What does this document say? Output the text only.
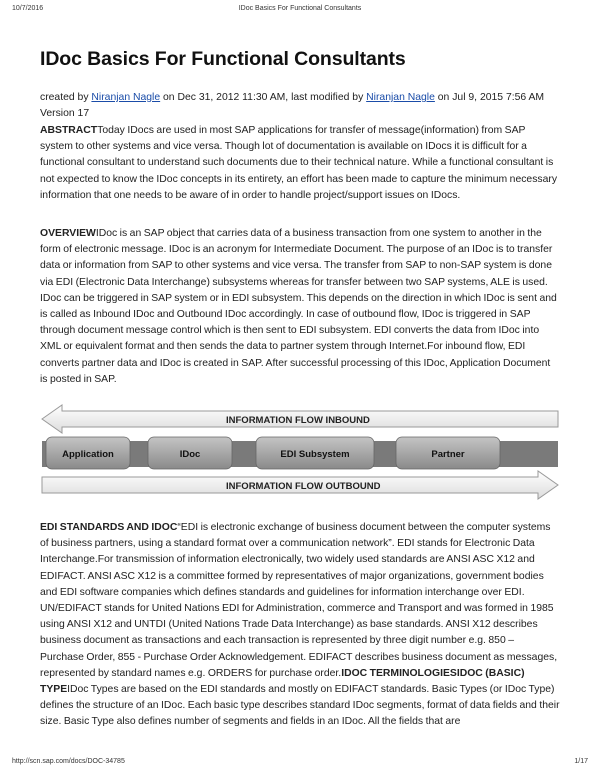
10/7/2016	IDoc Basics For Functional Consultants
IDoc Basics For Functional Consultants
created by Niranjan Nagle on Dec 31, 2012 11:30 AM, last modified by Niranjan Nagle on Jul 9, 2015 7:56 AM
Version 17

ABSTRACTToday IDocs are used in most SAP applications for transfer of message(information) from SAP system to other systems and vice versa. Though lot of documentation is available on IDocs it is difficult for a functional consultant to understand such documents due to their technical nature. While a functional consultant is not expected to know the IDoc concepts in its entirety, an effort has been made to capture the minimum necessary information that one needs to be aware of in order to handle project/support issues on IDocs.

OVERVIEWIDoc is an SAP object that carries data of a business transaction from one system to another in the form of electronic message. IDoc is an acronym for Intermediate Document. The purpose of an IDoc is to transfer data or information from SAP to other systems and vice versa. The transfer from SAP to non-SAP system is done via EDI (Electronic Data Interchange) subsystems whereas for transfer between two SAP systems, ALE is used. IDoc can be triggered in SAP system or in EDI subsystem. This depends on the direction in which IDoc is sent and is called as Inbound IDoc and Outbound IDoc accordingly. In case of outbound flow, IDoc is triggered in SAP through document message control which is then sent to EDI subsystem. EDI converts the data from IDoc into XML or equivalent format and then sends the data to partner system through Internet.For inbound flow, EDI converts partner data and IDoc is created in SAP. After successful processing of this IDoc, Application Document is posted in SAP.

INFORMATION FLOW INBOUND
Application	IDoc	EDI Subsystem	Partner
INFORMATION FLOW OUTBOUND

EDI STANDARDS AND IDOC“EDI is electronic exchange of business document between the computer systems of business partners, using a standard format over a communication network”. EDI stands for Electronic Data Interchange.For transmission of information electronically, two widely used standards are ANSI ASC X12 and EDIFACT. ANSI ASC X12 is a committee formed by representatives of major organizations, government bodies and EDI software companies which defines standards and guidelines for information interchange over EDI. UN/EDIFACT stands for United Nations EDI for Administration, commerce and Transport and was formed in 1985 using ANSI X12 and UNTDI (United Nations Trade Data Interchange) as base standards. ANSI X12 describes business document as transactions and each transaction is represented by three digit number e.g. 850 – Purchase Order, 855 - Purchase Order Acknowledgement. EDIFACT describes business document as messages, represented by standard names e.g. ORDERS for purchase order.IDOC TERMINOLOGIESIDOC (BASIC) TYPEIDoc Types are based on the EDI standards and mostly on EDIFACT standards. Basic Types (or IDoc Type) defines the structure of an IDoc. Each basic type describes standard IDoc segments, format of data fields and their size. Basic Type also defines number of segments and fields in an IDoc. All the fields that are

http://scn.sap.com/docs/DOC-34785	1/17
